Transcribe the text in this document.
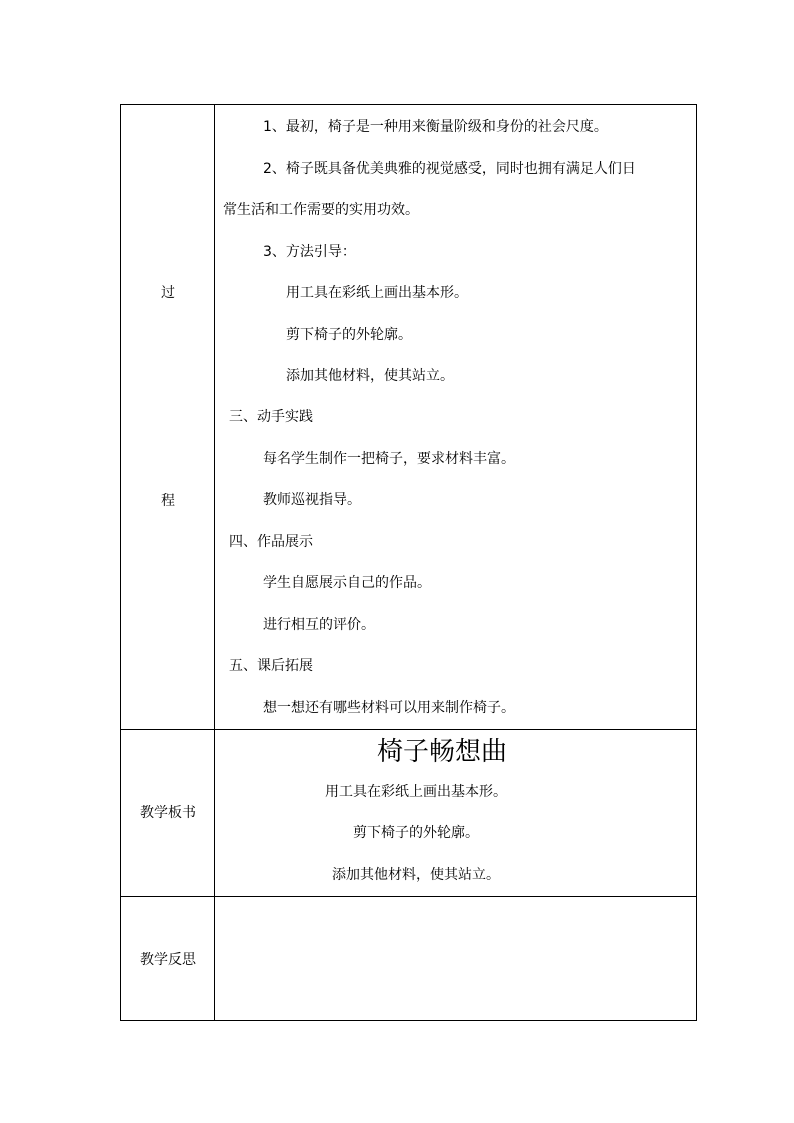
过
程
1、最初，椅子是一种用来衡量阶级和身份的社会尺度。
2、椅子既具备优美典雅的视觉感受，同时也拥有满足人们日
常生活和工作需要的实用功效。
3、方法引导：
用工具在彩纸上画出基本形。
剪下椅子的外轮廓。
添加其他材料，使其站立。
三、动手实践
每名学生制作一把椅子，要求材料丰富。
教师巡视指导。
四、作品展示
学生自愿展示自己的作品。
进行相互的评价。
五、课后拓展
想一想还有哪些材料可以用来制作椅子。
教学板书
椅子畅想曲
用工具在彩纸上画出基本形。
剪下椅子的外轮廓。
添加其他材料，使其站立。
教学反思
